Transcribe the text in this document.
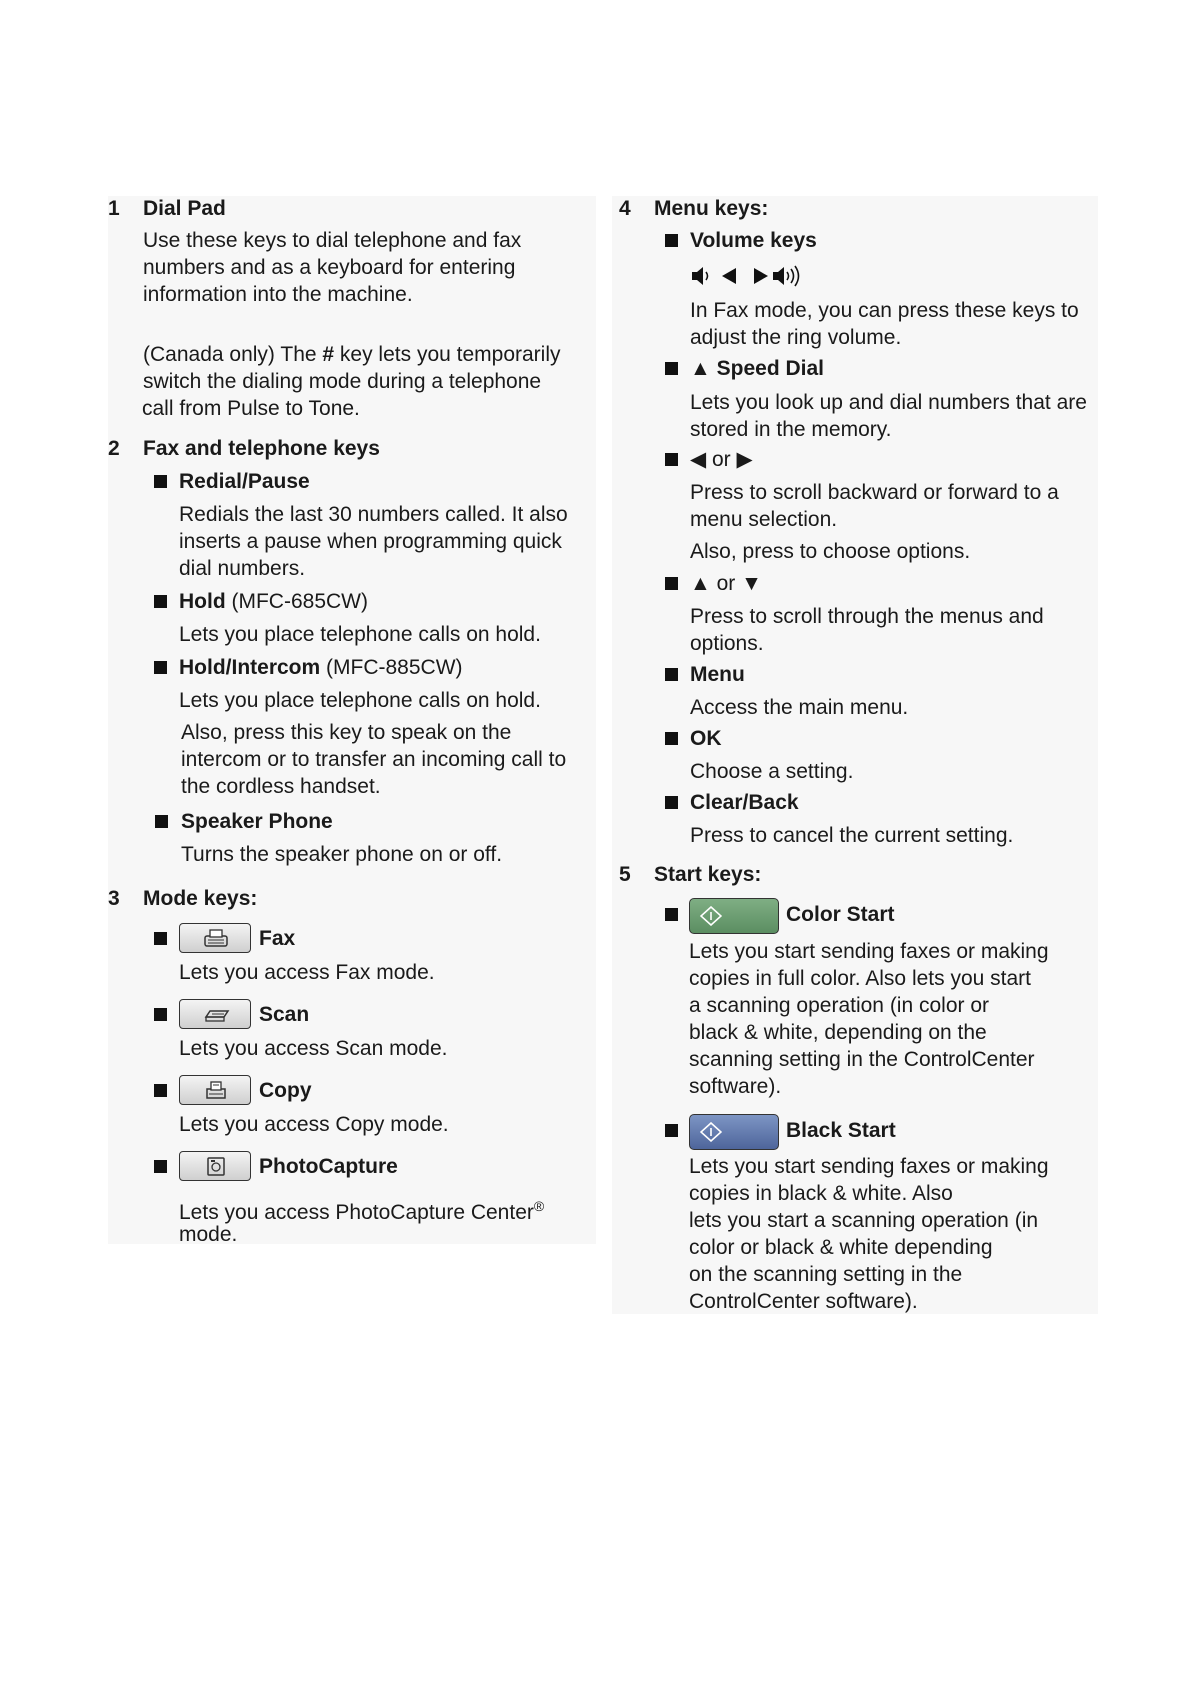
1 Dial Pad
Use these keys to dial telephone and fax
numbers and as a keyboard for entering
information into the machine.
(Canada only) The # key lets you temporarily
switch the dialing mode during a telephone
call from Pulse to Tone.
2 Fax and telephone keys
Redial/Pause
Redials the last 30 numbers called. It also
inserts a pause when programming quick
dial numbers.
Hold (MFC-685CW)
Lets you place telephone calls on hold.
Hold/Intercom (MFC-885CW)
Lets you place telephone calls on hold.
Also, press this key to speak on the
intercom or to transfer an incoming call to
the cordless handset.
Speaker Phone
Turns the speaker phone on or off.
3 Mode keys:
Fax
Lets you access Fax mode.
Scan
Lets you access Scan mode.
Copy
Lets you access Copy mode.
PhotoCapture
Lets you access PhotoCapture Center®
mode.
4 Menu keys:
Volume keys
In Fax mode, you can press these keys to
adjust the ring volume.
▲ Speed Dial
Lets you look up and dial numbers that are
stored in the memory.
◀ or ▶
Press to scroll backward or forward to a
menu selection.
Also, press to choose options.
▲ or ▼
Press to scroll through the menus and
options.
Menu
Access the main menu.
OK
Choose a setting.
Clear/Back
Press to cancel the current setting.
5 Start keys:
Color Start
Lets you start sending faxes or making
copies in full color. Also lets you start
a scanning operation (in color or
black & white, depending on the
scanning setting in the ControlCenter
software).
Black Start
Lets you start sending faxes or making
copies in black & white. Also
lets you start a scanning operation (in
color or black & white depending
on the scanning setting in the
ControlCenter software).
